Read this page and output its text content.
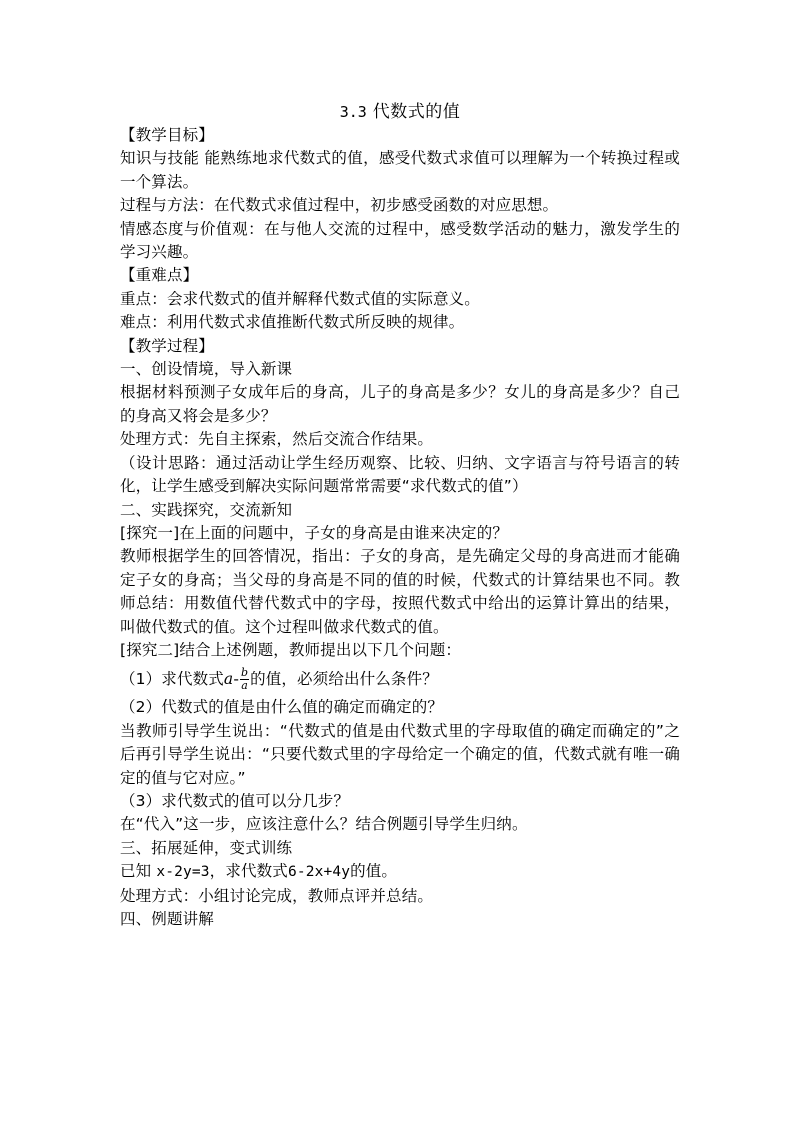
3.3 代数式的值

【教学目标】

知识与技能 能熟练地求代数式的值，感受代数式求值可以理解为一个转换过程或一个算法。

过程与方法：在代数式求值过程中，初步感受函数的对应思想。

情感态度与价值观：在与他人交流的过程中，感受数学活动的魅力，激发学生的学习兴趣。

【重难点】

重点：会求代数式的值并解释代数式值的实际意义。

难点：利用代数式求值推断代数式所反映的规律。

【教学过程】

一、创设情境，导入新课

根据材料预测子女成年后的身高，儿子的身高是多少？女儿的身高是多少？自己的身高又将会是多少？

处理方式：先自主探索，然后交流合作结果。

（设计思路：通过活动让学生经历观察、比较、归纳、文字语言与符号语言的转化，让学生感受到解决实际问题常常需要“求代数式的值”）

二、实践探究，交流新知

[探究一]在上面的问题中，子女的身高是由谁来决定的？

教师根据学生的回答情况，指出：子女的身高，是先确定父母的身高进而才能确定子女的身高；当父母的身高是不同的值的时候，代数式的计算结果也不同。教师总结：用数值代替代数式中的字母，按照代数式中给出的运算计算出的结果，叫做代数式的值。这个过程叫做求代数式的值。

[探究二]结合上述例题，教师提出以下几个问题：

（1）求代数式 a - $\frac{b}{a}$ 的值，必须给出什么条件？

（2）代数式的值是由什么值的确定而确定的？

当教师引导学生说出：“代数式的值是由代数式里的字母取值的确定而确定的”之后再引导学生说出：“只要代数式里的字母给定一个确定的值，代数式就有唯一确定的值与它对应。”

（3）求代数式的值可以分几步？

在“代入”这一步，应该注意什么？结合例题引导学生归纳。

三、拓展延伸，变式训练

已知 x-2y=3，求代数式6-2x+4y的值。

处理方式：小组讨论完成，教师点评并总结。

四、例题讲解
